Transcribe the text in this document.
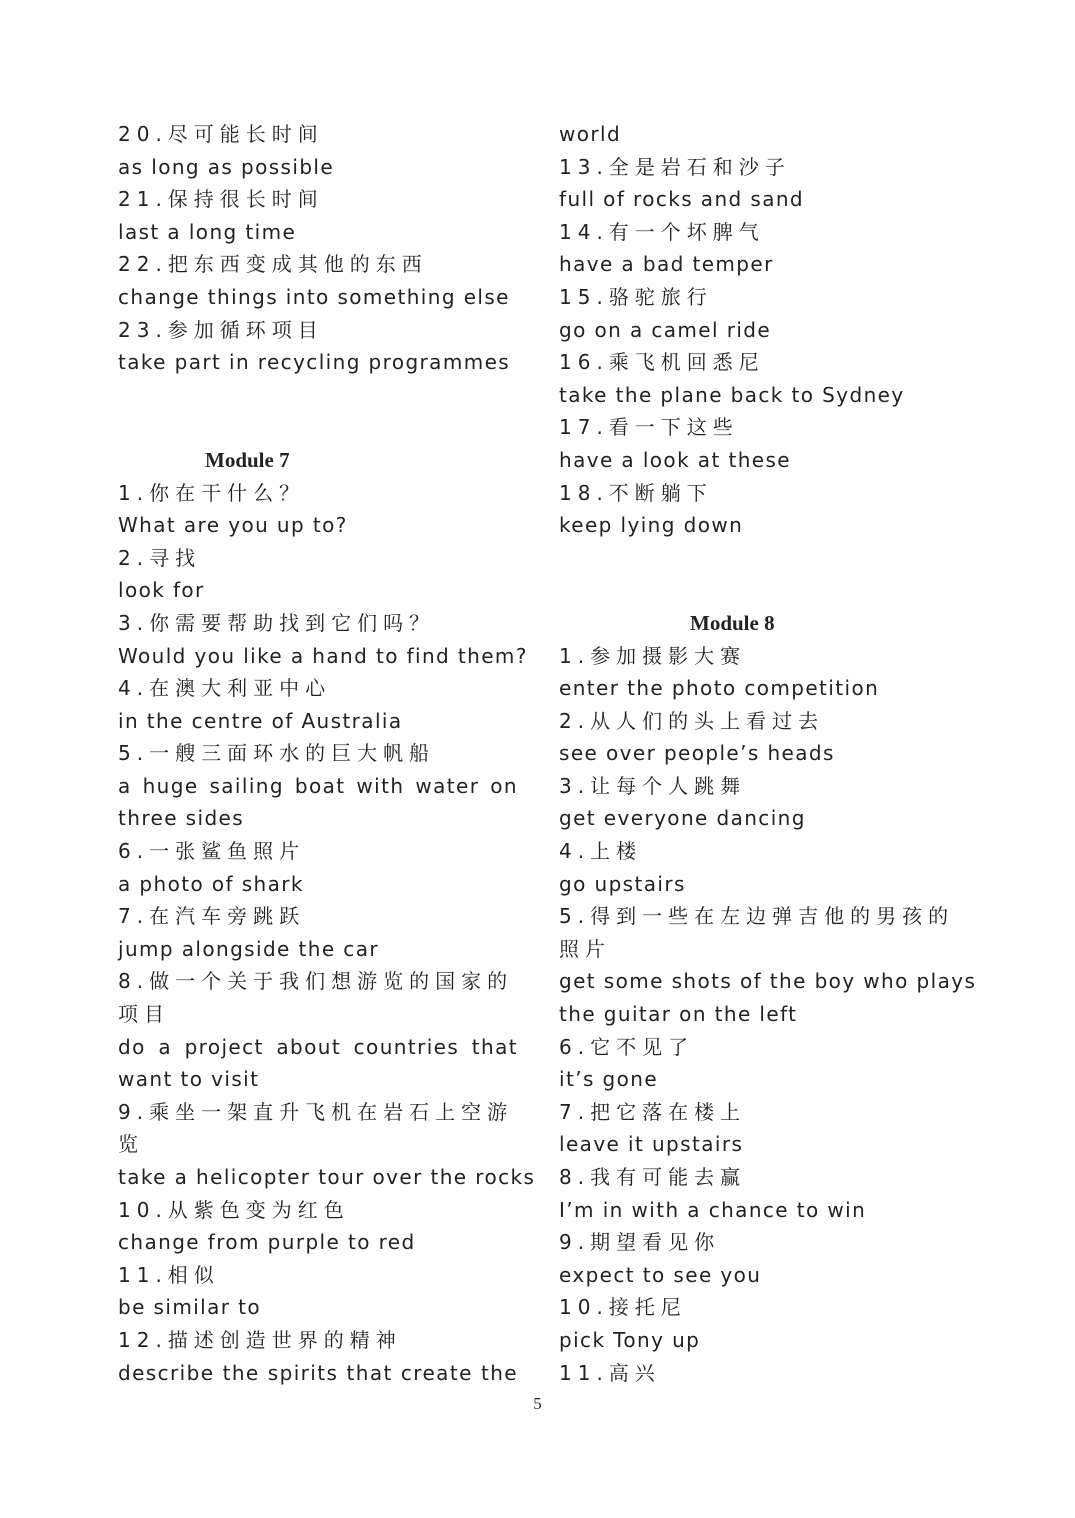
20.尽可能长时间
as long as possible
21.保持很长时间
last a long time
22.把东西变成其他的东西
change things into something else
23.参加循环项目
take part in recycling programmes
Module 7
1.你在干什么？
What are you up to?
2.寻找
look for
3.你需要帮助找到它们吗？
Would you like a hand to find them?
4.在澳大利亚中心
in the centre of Australia
5.一艘三面环水的巨大帆船
a huge sailing boat with water on
three sides
6.一张鲨鱼照片
a photo of shark
7.在汽车旁跳跃
jump alongside the car
8.做一个关于我们想游览的国家的
项目
do a project about countries that
want to visit
9.乘坐一架直升飞机在岩石上空游
览
take a helicopter tour over the rocks
10.从紫色变为红色
change from purple to red
11.相似
be similar to
12.描述创造世界的精神
describe the spirits that create the
world
13.全是岩石和沙子
full of rocks and sand
14.有一个坏脾气
have a bad temper
15.骆驼旅行
go on a camel ride
16.乘飞机回悉尼
take the plane back to Sydney
17.看一下这些
have a look at these
18.不断躺下
keep lying down
Module 8
1.参加摄影大赛
enter the photo competition
2.从人们的头上看过去
see over people’s heads
3.让每个人跳舞
get everyone dancing
4.上楼
go upstairs
5.得到一些在左边弹吉他的男孩的
照片
get some shots of the boy who plays
the guitar on the left
6.它不见了
it’s gone
7.把它落在楼上
leave it upstairs
8.我有可能去赢
I’m in with a chance to win
9.期望看见你
expect to see you
10.接托尼
pick Tony up
11.高兴
5
